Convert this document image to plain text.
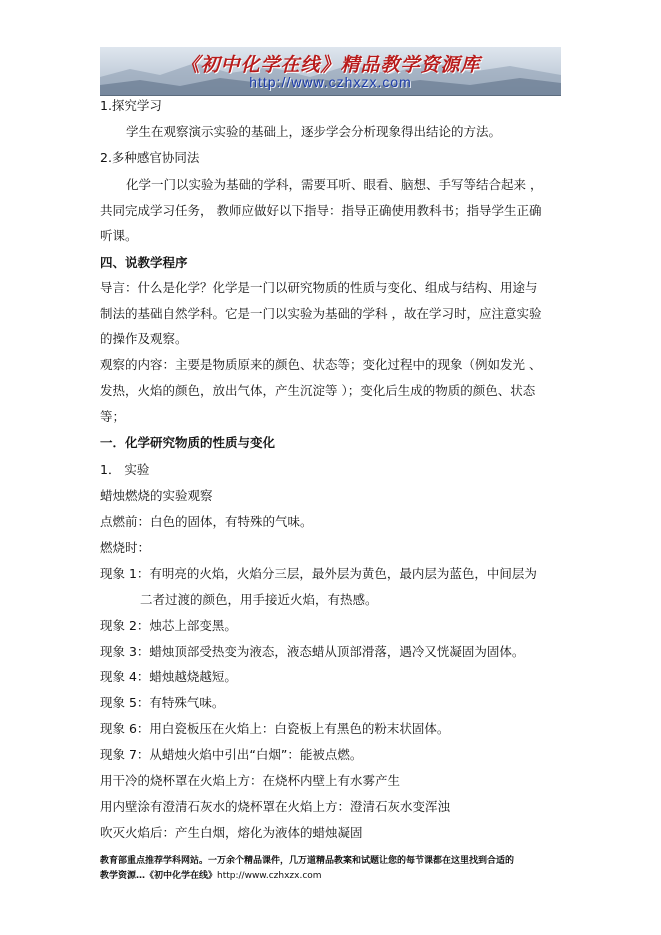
《初中化学在线》精品教学资源库
http://www.czhxzx.com
1.探究学习
学生在观察演示实验的基础上，逐步学会分析现象得出结论的方法。
2.多种感官协同法
化学一门以实验为基础的学科，需要耳听、眼看、脑想、手写等结合起来 ，
共同完成学习任务， 教师应做好以下指导：指导正确使用教科书；指导学生正确
听课。
四、说教学程序
导言：什么是化学？化学是一门以研究物质的性质与变化、组成与结构、用途与
制法的基础自然学科。它是一门以实验为基础的学科 ，故在学习时，应注意实验
的操作及观察。
观察的内容：主要是物质原来的颜色、状态等；变化过程中的现象（例如发光 、
发热，火焰的颜色，放出气体，产生沉淀等 ）；变化后生成的物质的颜色、状态
等；
一．化学研究物质的性质与变化
1． 实验
蜡烛燃烧的实验观察
点燃前：白色的固体，有特殊的气味。
燃烧时：
现象 1：有明亮的火焰，火焰分三层，最外层为黄色，最内层为蓝色，中间层为
二者过渡的颜色，用手接近火焰，有热感。
现象 2：烛芯上部变黑。
现象 3：蜡烛顶部受热变为液态，液态蜡从顶部滑落，遇冷又恍凝固为固体。
现象 4：蜡烛越烧越短。
现象 5：有特殊气味。
现象 6：用白瓷板压在火焰上：白瓷板上有黑色的粉末状固体。
现象 7：从蜡烛火焰中引出“白烟”：能被点燃。
用干冷的烧杯罩在火焰上方：在烧杯内壁上有水雾产生
用内壁涂有澄清石灰水的烧杯罩在火焰上方：澄清石灰水变浑浊
吹灭火焰后：产生白烟，熔化为液体的蜡烛凝固
教育部重点推荐学科网站。一万余个精品课件，几万道精品教案和试题让您的每节课都在这里找到合适的
教学资源…《初中化学在线》http://www.czhxzx.com
